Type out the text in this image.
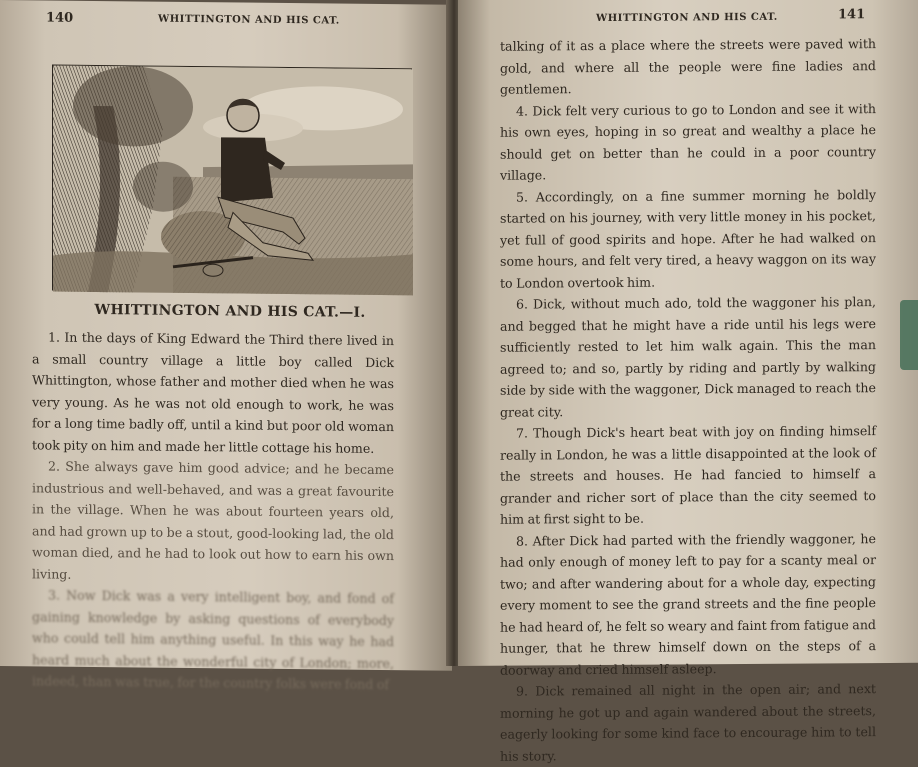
140	WHITTINGTON AND HIS CAT.
WHITTINGTON AND HIS CAT.—I.

1. In the days of King Edward the Third there lived in a small country village a little boy called Dick Whittington, whose father and mother died when he was very young. As he was not old enough to work, he was for a long time badly off, until a kind but poor old woman took pity on him and made her little cottage his home.

2. She always gave him good advice; and he became industrious and well-behaved, and was a great favourite in the village. When he was about fourteen years old, and had grown up to be a stout, good-looking lad, the old woman died, and he had to look out how to earn his own living.

3. Now Dick was a very intelligent boy, and fond of gaining knowledge by asking questions of everybody who could tell him anything useful. In this way he had heard much about the wonderful city of London; more, indeed, than was true, for the country folks were fond of

WHITTINGTON AND HIS CAT.	141

talking of it as a place where the streets were paved with gold, and where all the people were fine ladies and gentlemen.

4. Dick felt very curious to go to London and see it with his own eyes, hoping in so great and wealthy a place he should get on better than he could in a poor country village.

5. Accordingly, on a fine summer morning he boldly started on his journey, with very little money in his pocket, yet full of good spirits and hope. After he had walked on some hours, and felt very tired, a heavy waggon on its way to London overtook him.

6. Dick, without much ado, told the waggoner his plan, and begged that he might have a ride until his legs were sufficiently rested to let him walk again. This the man agreed to; and so, partly by riding and partly by walking side by side with the waggoner, Dick managed to reach the great city.

7. Though Dick's heart beat with joy on finding himself really in London, he was a little disappointed at the look of the streets and houses. He had fancied to himself a grander and richer sort of place than the city seemed to him at first sight to be.

8. After Dick had parted with the friendly waggoner, he had only enough of money left to pay for a scanty meal or two; and after wandering about for a whole day, expecting every moment to see the grand streets and the fine people he had heard of, he felt so weary and faint from fatigue and hunger, that he threw himself down on the steps of a doorway and cried himself asleep.

9. Dick remained all night in the open air; and next morning he got up and again wandered about the streets, eagerly looking for some kind face to encourage him to tell his story.
